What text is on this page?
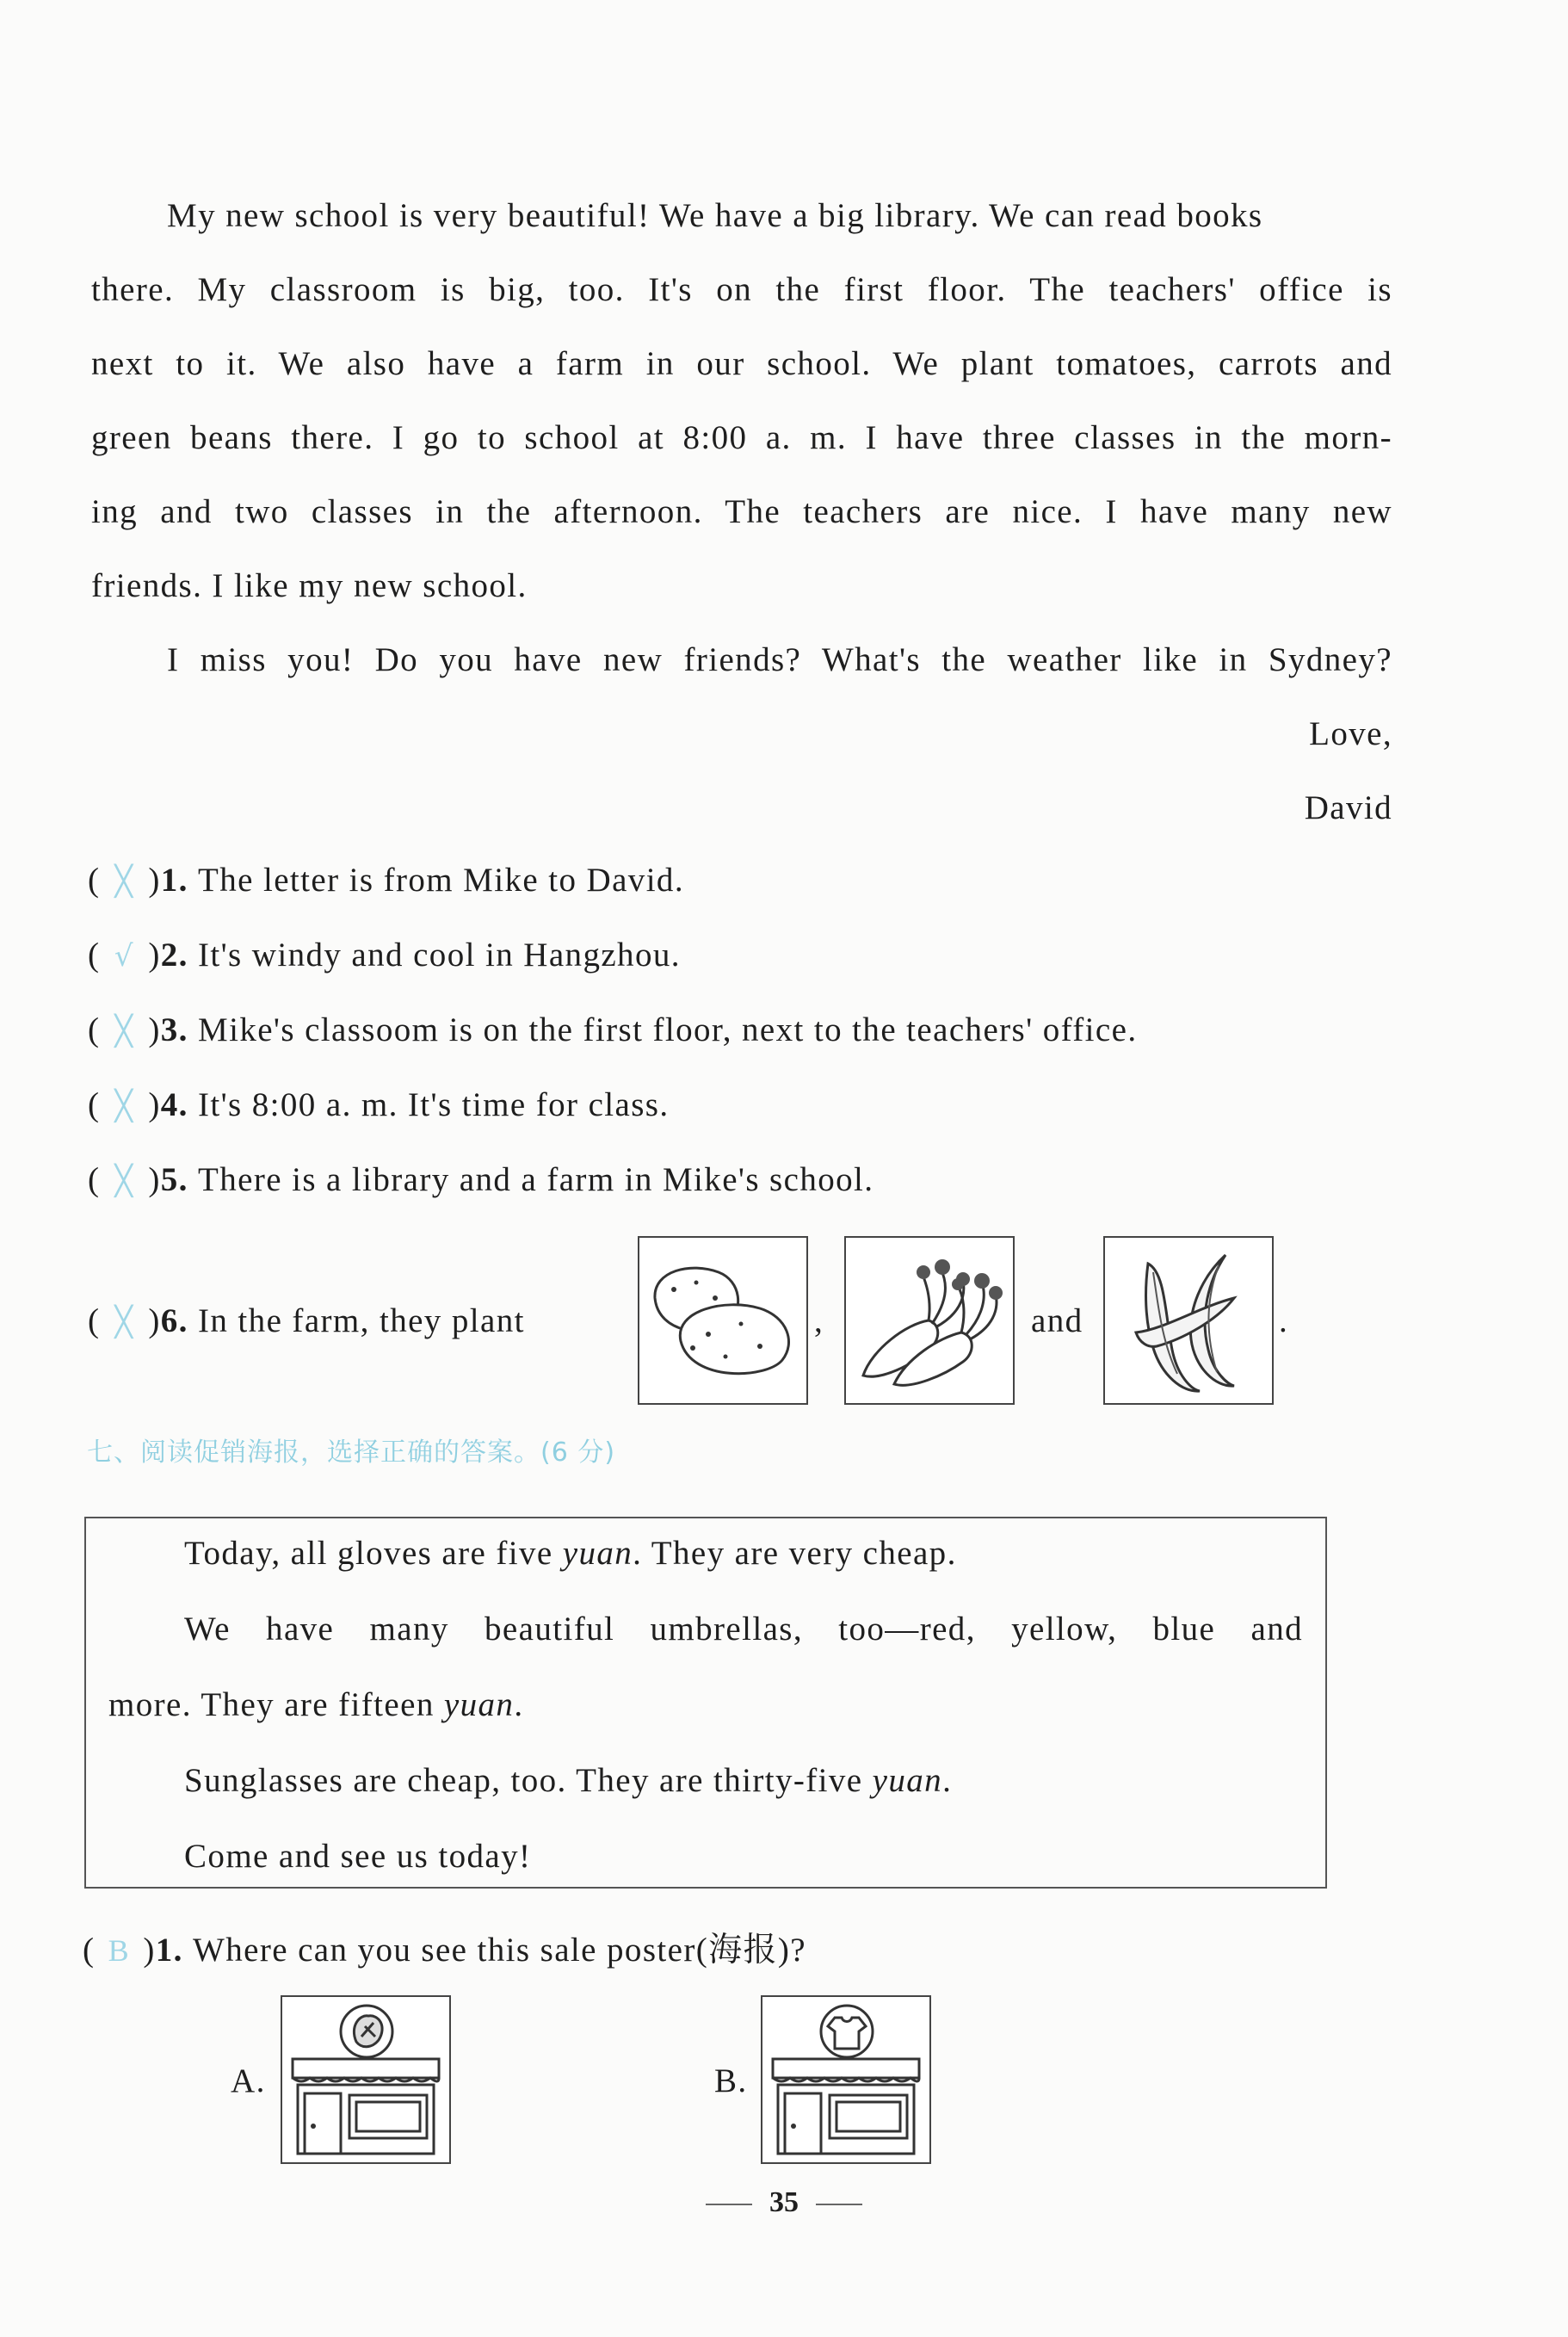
My new school is very beautiful! We have a big library. We can read books
there. My classroom is big, too. It's on the first floor. The teachers' office is
next to it. We also have a farm in our school. We plant tomatoes, carrots and
green beans there. I go to school at 8:00 a. m. I have three classes in the morn-
ing and two classes in the afternoon. The teachers are nice. I have many new
friends. I like my new school.
I miss you! Do you have new friends? What's the weather like in Sydney?
Love,
David
( ╳ )1. The letter is from Mike to David.
( √ )2. It's windy and cool in Hangzhou.
( ╳ )3. Mike's classoom is on the first floor, next to the teachers' office.
( ╳ )4. It's 8:00 a. m. It's time for class.
( ╳ )5. There is a library and a farm in Mike's school.
( ╳ )6. In the farm, they plant	,	and	.
七、阅读促销海报，选择正确的答案。(6 分)
Today, all gloves are five yuan. They are very cheap.
We have many beautiful umbrellas, too—red, yellow, blue and
more. They are fifteen yuan.
Sunglasses are cheap, too. They are thirty-five yuan.
Come and see us today!
( B )1. Where can you see this sale poster(海报)?
A.	B.
35
